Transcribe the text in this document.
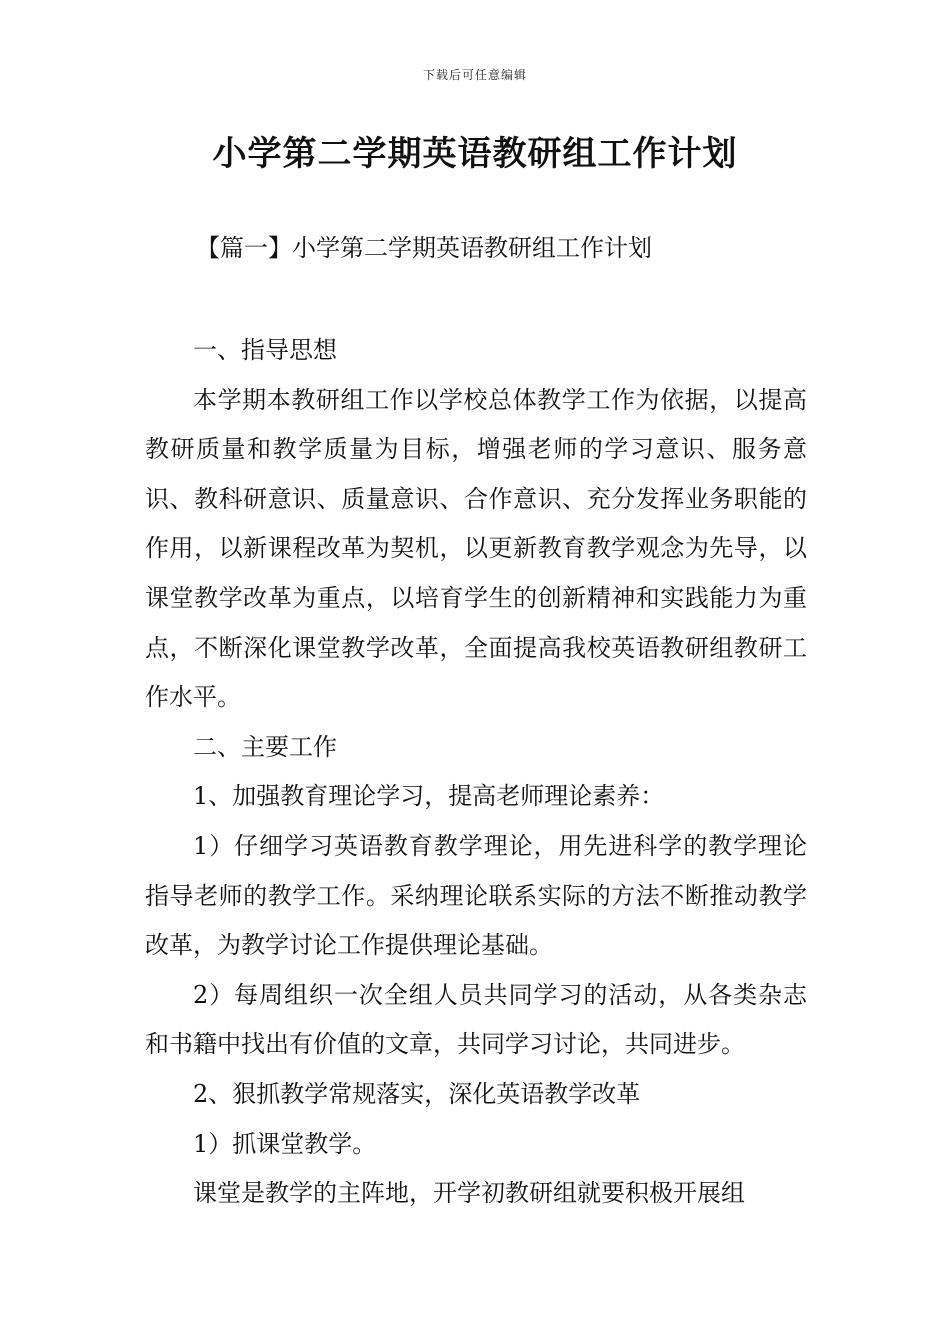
下载后可任意编辑
小学第二学期英语教研组工作计划
【篇一】小学第二学期英语教研组工作计划

一、指导思想

本学期本教研组工作以学校总体教学工作为依据，以提高教研质量和教学质量为目标，增强老师的学习意识、服务意识、教科研意识、质量意识、合作意识、充分发挥业务职能的作用，以新课程改革为契机，以更新教育教学观念为先导，以课堂教学改革为重点，以培育学生的创新精神和实践能力为重点，不断深化课堂教学改革，全面提高我校英语教研组教研工作水平。

二、主要工作

1、加强教育理论学习，提高老师理论素养：

1）仔细学习英语教育教学理论，用先进科学的教学理论指导老师的教学工作。采纳理论联系实际的方法不断推动教学改革，为教学讨论工作提供理论基础。

2）每周组织一次全组人员共同学习的活动，从各类杂志和书籍中找出有价值的文章，共同学习讨论，共同进步。

2、狠抓教学常规落实，深化英语教学改革

1）抓课堂教学。

课堂是教学的主阵地，开学初教研组就要积极开展组
